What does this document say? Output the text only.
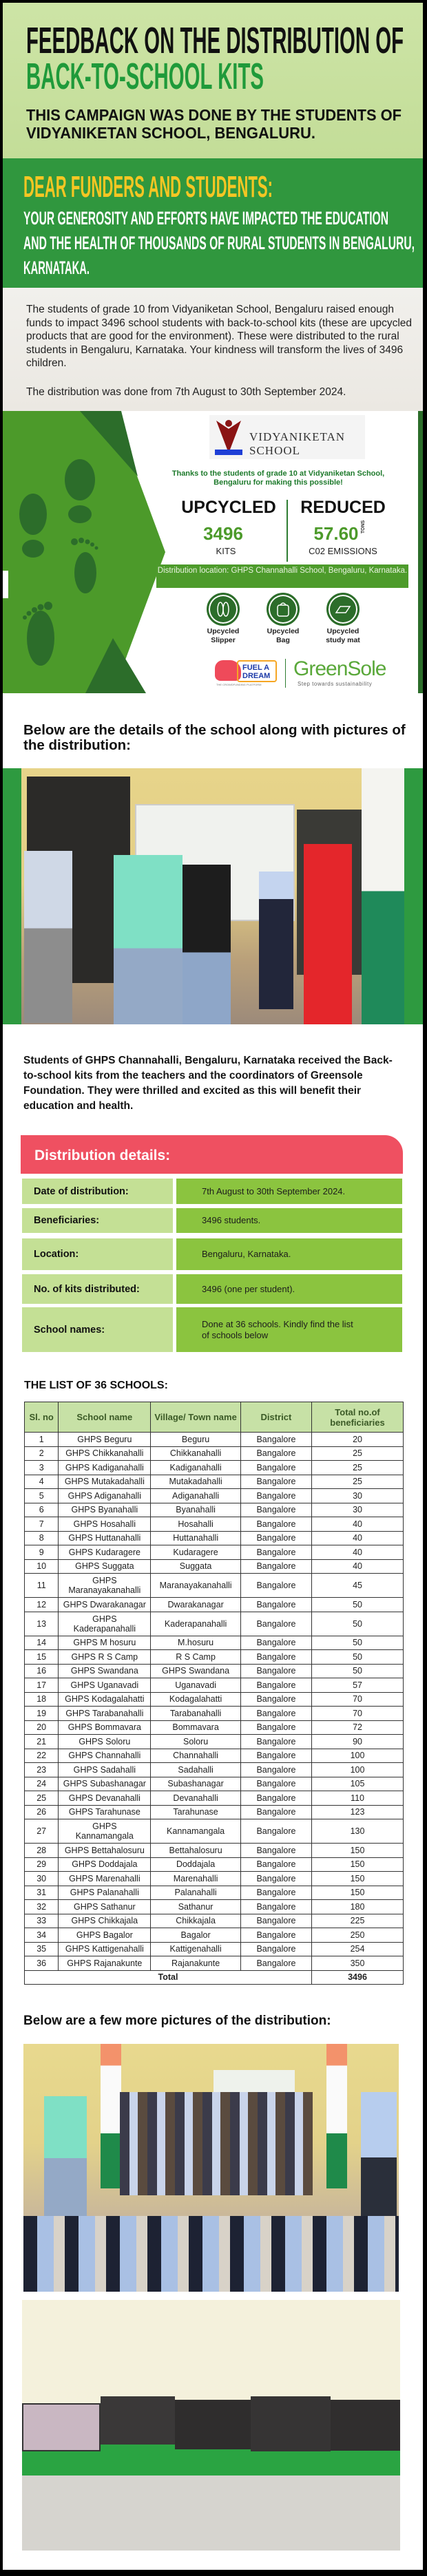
FEEDBACK ON THE DISTRIBUTION OF
BACK-TO-SCHOOL KITS
THIS CAMPAIGN WAS DONE BY THE STUDENTS OF
VIDYANIKETAN SCHOOL, BENGALURU.
DEAR FUNDERS AND STUDENTS:
YOUR GENEROSITY AND EFFORTS HAVE IMPACTED THE EDUCATION
AND THE HEALTH OF THOUSANDS OF RURAL STUDENTS IN BENGALURU,
KARNATAKA.

The students of grade 10 from Vidyaniketan School, Bengaluru raised enough funds to impact 3496 school students with back-to-school kits (these are upcycled products that are good for the environment). These were distributed to the rural students in Bengaluru, Karnataka. Your kindness will transform the lives of 3496 children.

The distribution was done from 7th August to 30th September 2024.

VIDYANIKETAN SCHOOL
Thanks to the students of grade 10 at Vidyaniketan School, Bengaluru for making this possible!
UPCYCLED
3496
KITS
REDUCED
57.60 TONS
C02 EMISSIONS
Distribution location: GHPS Channahalli School, Bengaluru, Karnataka.
Upcycled
Slipper
Upcycled
Bag
Upcycled
study mat
FUEL A DREAM
THE CROWDFUNDING PLATFORM
GreenSole
Step towards sustainability
Below are the details of the school along with pictures of the distribution:
Students of GHPS Channahalli, Bengaluru, Karnataka received the Back-to-school kits from the teachers and the coordinators of Greensole Foundation. They were thrilled and excited as this will benefit their education and health.
Distribution details:
Date of distribution:	7th August to 30th September 2024.
Beneficiaries:	3496 students.
Location:	Bengaluru, Karnataka.
No. of kits distributed:	3496 (one per student).
School names:
Done at 36 schools. Kindly find the list of schools below
THE LIST OF 36 SCHOOLS:
Sl. no	School name	Village/ Town name	District	Total no.of beneficiaries
1	GHPS Beguru	Beguru	Bangalore	20
2	GHPS Chikkanahalli	Chikkanahalli	Bangalore	25
3	GHPS Kadiganahalli	Kadiganahalli	Bangalore	25
4	GHPS Mutakadahalli	Mutakadahalli	Bangalore	25
5	GHPS Adiganahalli	Adiganahalli	Bangalore	30
6	GHPS Byanahalli	Byanahalli	Bangalore	30
7	GHPS Hosahalli	Hosahalli	Bangalore	40
8	GHPS Huttanahalli	Huttanahalli	Bangalore	40
9	GHPS Kudaragere	Kudaragere	Bangalore	40
10	GHPS Suggata	Suggata	Bangalore	40
11	GHPS Maranayakanahalli	Maranayakanahalli	Bangalore	45
12	GHPS Dwarakanagar	Dwarakanagar	Bangalore	50
13	GHPS Kaderapanahalli	Kaderapanahalli	Bangalore	50
14	GHPS M hosuru	M.hosuru	Bangalore	50
15	GHPS R S Camp	R S Camp	Bangalore	50
16	GHPS Swandana	GHPS Swandana	Bangalore	50
17	GHPS Uganavadi	Uganavadi	Bangalore	57
18	GHPS Kodagalahatti	Kodagalahatti	Bangalore	70
19	GHPS Tarabanahalli	Tarabanahalli	Bangalore	70
20	GHPS Bommavara	Bommavara	Bangalore	72
21	GHPS Soloru	Soloru	Bangalore	90
22	GHPS Channahalli	Channahalli	Bangalore	100
23	GHPS Sadahalli	Sadahalli	Bangalore	100
24	GHPS Subashanagar	Subashanagar	Bangalore	105
25	GHPS Devanahalli	Devanahalli	Bangalore	110
26	GHPS Tarahunase	Tarahunase	Bangalore	123
27	GHPS Kannamangala	Kannamangala	Bangalore	130
28	GHPS Bettahalosuru	Bettahalosuru	Bangalore	150
29	GHPS Doddajala	Doddajala	Bangalore	150
30	GHPS Marenahalli	Marenahalli	Bangalore	150
31	GHPS Palanahalli	Palanahalli	Bangalore	150
32	GHPS Sathanur	Sathanur	Bangalore	180
33	GHPS Chikkajala	Chikkajala	Bangalore	225
34	GHPS Bagalor	Bagalor	Bangalore	250
35	GHPS Kattigenahalli	Kattigenahalli	Bangalore	254
36	GHPS Rajanakunte	Rajanakunte	Bangalore	350
Total				3496
Below are a few more pictures of the distribution:
